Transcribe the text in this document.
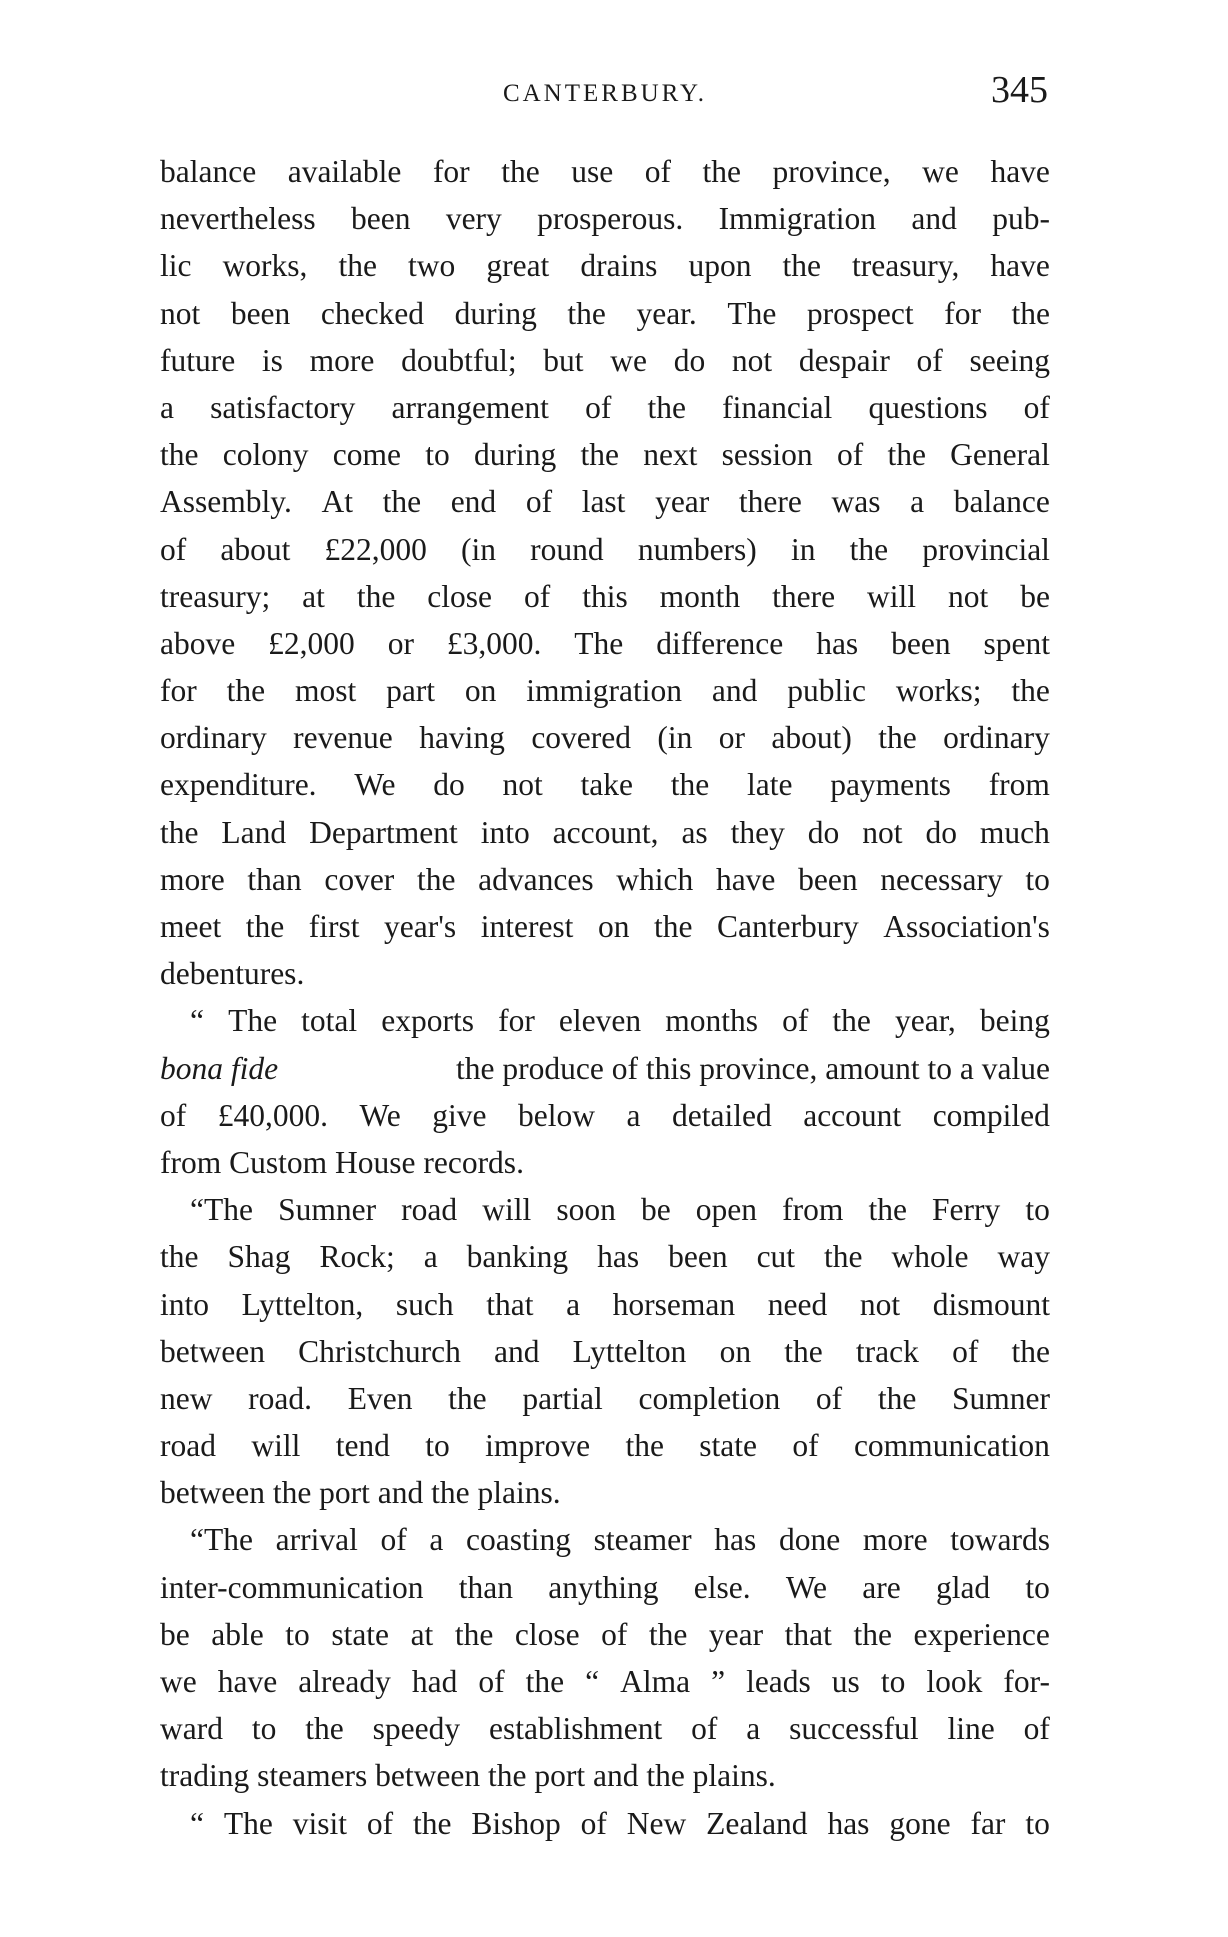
CANTERBURY.	345
balance available for the use of the province, we have
nevertheless been very prosperous. Immigration and pub-
lic works, the two great drains upon the treasury, have
not been checked during the year. The prospect for the
future is more doubtful; but we do not despair of seeing
a satisfactory arrangement of the financial questions of
the colony come to during the next session of the General
Assembly. At the end of last year there was a balance
of about £22,000 (in round numbers) in the provincial
treasury; at the close of this month there will not be
above £2,000 or £3,000. The difference has been spent
for the most part on immigration and public works; the
ordinary revenue having covered (in or about) the ordinary
expenditure. We do not take the late payments from
the Land Department into account, as they do not do much
more than cover the advances which have been necessary to
meet the first year's interest on the Canterbury Association's
debentures.
“ The total exports for eleven months of the year, being
bona fide	the produce of this province, amount to a value
of £40,000. We give below a detailed account compiled
from Custom House records.
“The Sumner road will soon be open from the Ferry to
the Shag Rock; a banking has been cut the whole way
into Lyttelton, such that a horseman need not dismount
between Christchurch and Lyttelton on the track of the
new road. Even the partial completion of the Sumner
road will tend to improve the state of communication
between the port and the plains.
“The arrival of a coasting steamer has done more towards
inter-communication than anything else. We are glad to
be able to state at the close of the year that the experience
we have already had of the “ Alma ” leads us to look for-
ward to the speedy establishment of a successful line of
trading steamers between the port and the plains.
“ The visit of the Bishop of New Zealand has gone far to
